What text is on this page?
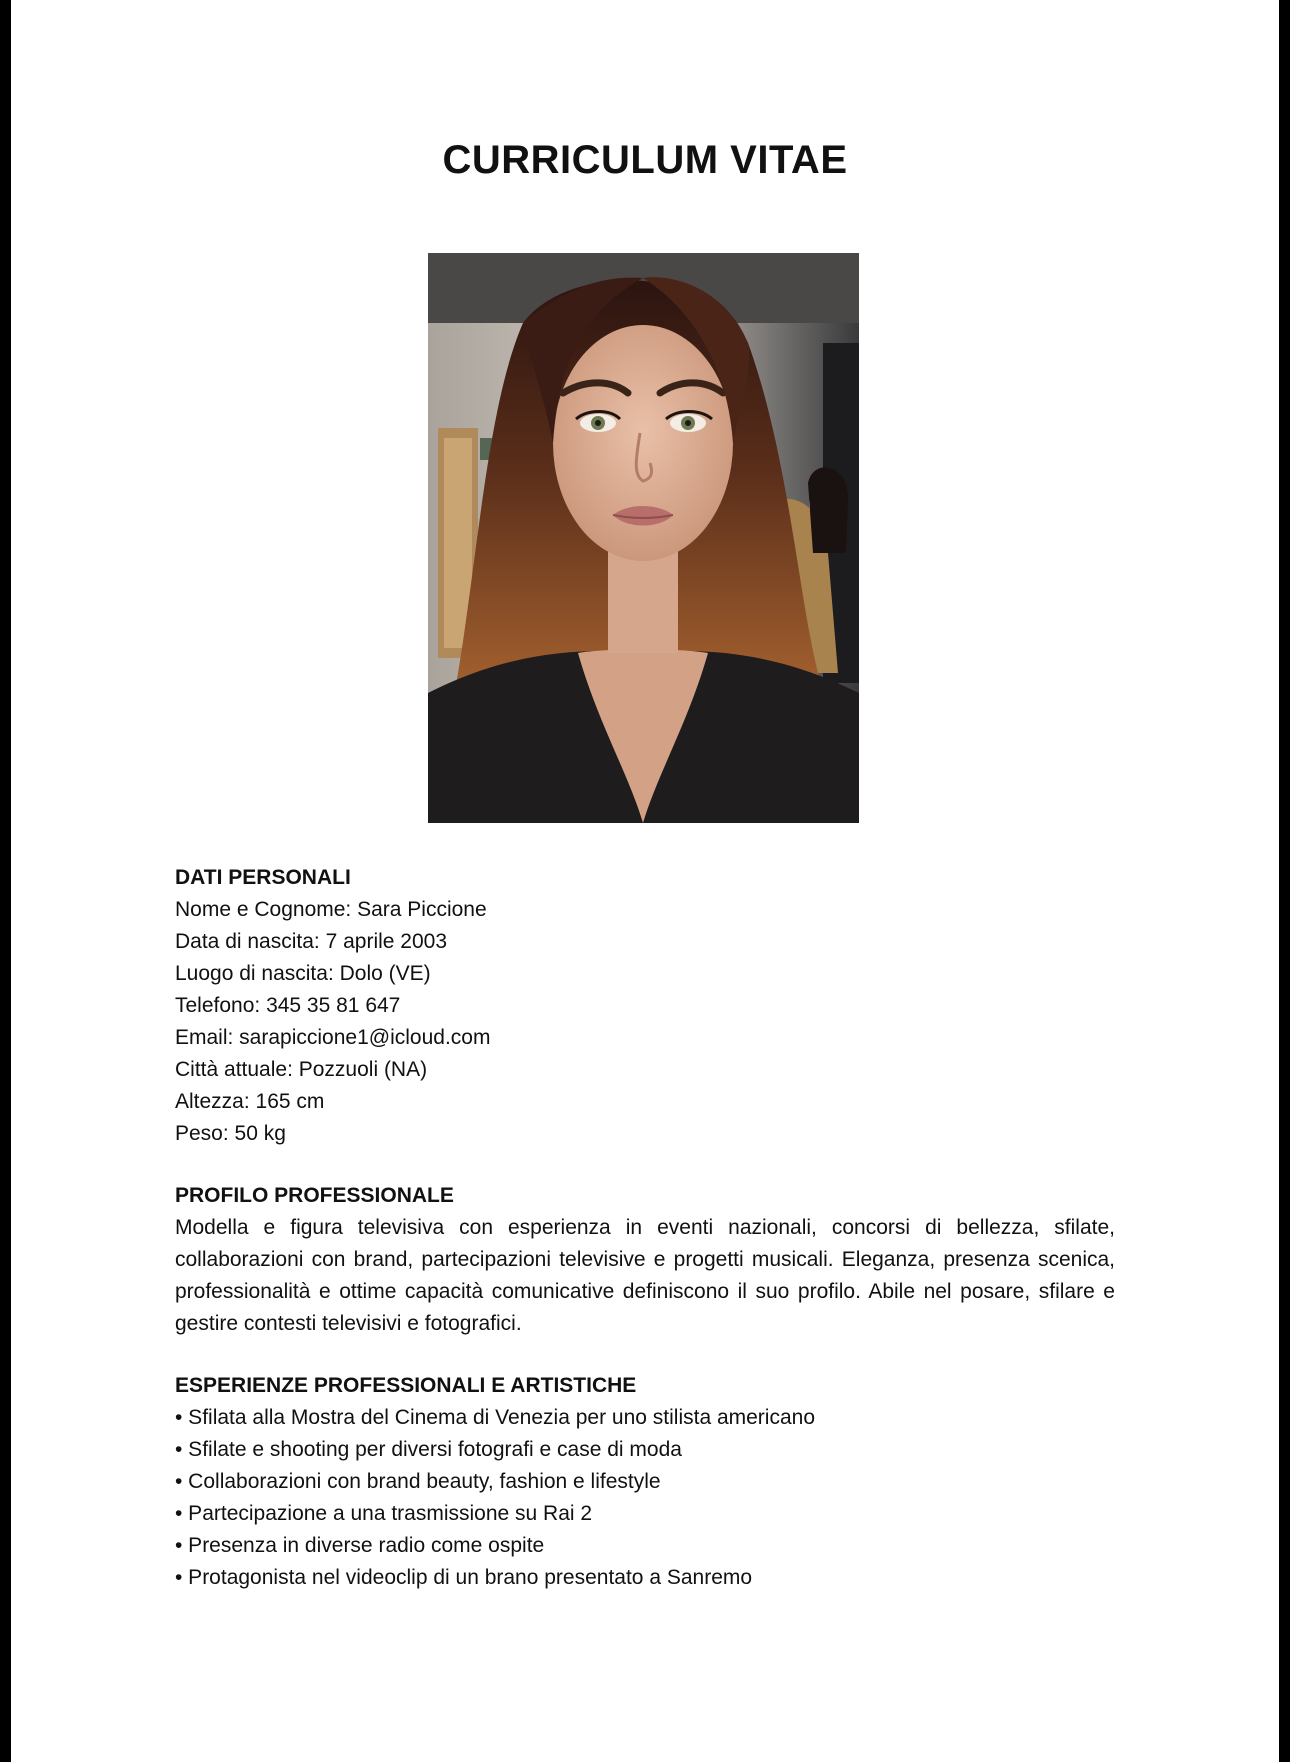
CURRICULUM VITAE

DATI PERSONALI

Nome e Cognome: Sara Piccione

Data di nascita: 7 aprile 2003

Luogo di nascita: Dolo (VE)

Telefono: 345 35 81 647

Email: sarapiccione1@icloud.com

Città attuale: Pozzuoli (NA)

Altezza: 165 cm

Peso: 50 kg

PROFILO PROFESSIONALE

Modella e figura televisiva con esperienza in eventi nazionali, concorsi di bellezza, sfilate, collaborazioni con brand, partecipazioni televisive e progetti musicali. Eleganza, presenza scenica, professionalità e ottime capacità comunicative definiscono il suo profilo. Abile nel posare, sfilare e gestire contesti televisivi e fotografici.

ESPERIENZE PROFESSIONALI E ARTISTICHE

• Sfilata alla Mostra del Cinema di Venezia per uno stilista americano

• Sfilate e shooting per diversi fotografi e case di moda

• Collaborazioni con brand beauty, fashion e lifestyle

• Partecipazione a una trasmissione su Rai 2

• Presenza in diverse radio come ospite

• Protagonista nel videoclip di un brano presentato a Sanremo
